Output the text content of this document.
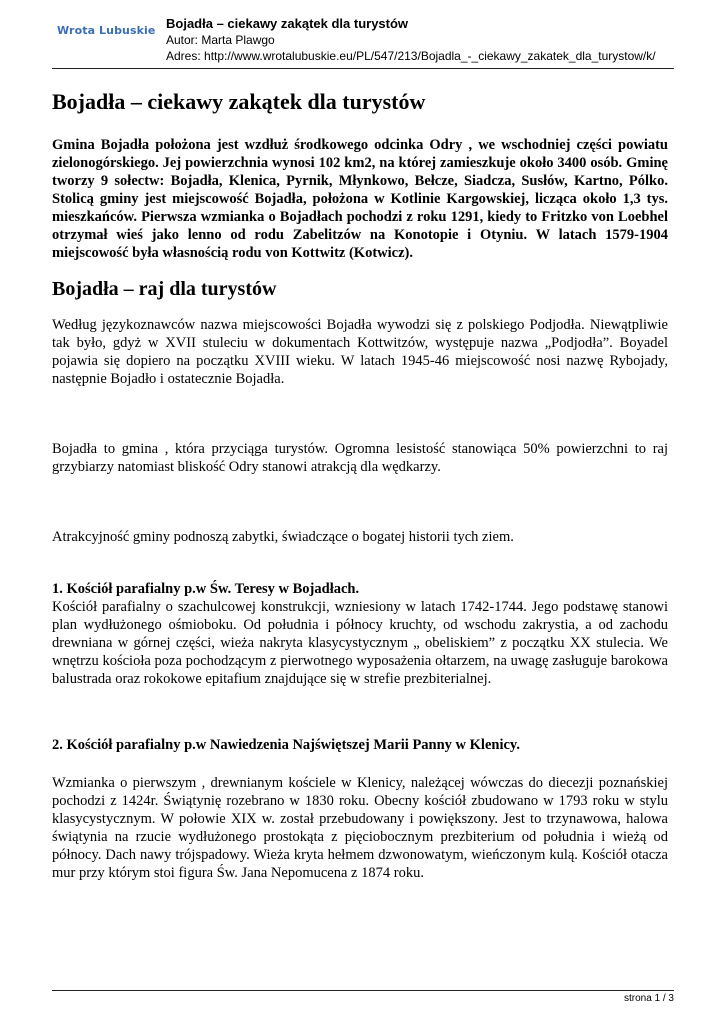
Wrota Lubuskie Bojadła – ciekawy zakątek dla turystów
Autor: Marta Plawgo
Adres: http://www.wrotalubuskie.eu/PL/547/213/Bojadla_-_ciekawy_zakatek_dla_turystow/k/
Bojadła – ciekawy zakątek dla turystów

Gmina Bojadła położona jest wzdłuż środkowego odcinka Odry , we wschodniej części powiatu zielonogórskiego. Jej powierzchnia wynosi 102 km2, na której zamieszkuje około 3400 osób. Gminę tworzy 9 sołectw: Bojadła, Klenica, Pyrnik, Młynkowo, Bełcze, Siadcza, Susłów, Kartno, Pólko. Stolicą gminy jest miejscowość Bojadła, położona w Kotlinie Kargowskiej, licząca około 1,3 tys. mieszkańców. Pierwsza wzmianka o Bojadłach pochodzi z roku 1291, kiedy to Fritzko von Loebhel otrzymał wieś jako lenno od rodu Zabelitzów na Konotopie i Otyniu. W latach 1579-1904 miejscowość była własnością rodu von Kottwitz (Kotwicz).

Bojadła – raj dla turystów

Według językoznawców nazwa miejscowości Bojadła wywodzi się z polskiego Podjodła. Niewątpliwie tak było, gdyż w XVII stuleciu w dokumentach Kottwitzów, występuje nazwa „Podjodła”. Boyadel pojawia się dopiero na początku XVIII wieku. W latach 1945-46 miejscowość nosi nazwę Rybojady, następnie Bojadło i ostatecznie Bojadła.

Bojadła to gmina , która przyciąga turystów. Ogromna lesistość stanowiąca 50% powierzchni to raj grzybiarzy natomiast bliskość Odry stanowi atrakcją dla wędkarzy.

Atrakcyjność gminy podnoszą zabytki, świadczące o bogatej historii tych ziem.

1. Kościół parafialny p.w Św. Teresy w Bojadłach.

Kościół parafialny o szachulcowej konstrukcji, wzniesiony w latach 1742-1744. Jego podstawę stanowi plan wydłużonego ośmioboku. Od południa i północy kruchty, od wschodu zakrystia, a od zachodu drewniana w górnej części, wieża nakryta klasycystycznym „ obeliskiem” z początku XX stulecia. We wnętrzu kościoła poza pochodzącym z pierwotnego wyposażenia ołtarzem, na uwagę zasługuje barokowa balustrada oraz rokokowe epitafium znajdujące się w strefie prezbiterialnej.

2. Kościół parafialny p.w Nawiedzenia Najświętszej Marii Panny w Klenicy.

Wzmianka o pierwszym , drewnianym kościele w Klenicy, należącej wówczas do diecezji poznańskiej pochodzi z 1424r. Świątynię rozebrano w 1830 roku. Obecny kościół zbudowano w 1793 roku w stylu klasycystycznym. W połowie XIX w. został przebudowany i powiększony. Jest to trzynawowa, halowa świątynia na rzucie wydłużonego prostokąta z pięciobocznym prezbiterium od południa i wieżą od północy. Dach nawy trójspadowy. Wieża kryta hełmem dzwonowatym, wieńczonym kulą. Kościół otacza mur przy którym stoi figura Św. Jana Nepomucena z 1874 roku.

strona 1 / 3
